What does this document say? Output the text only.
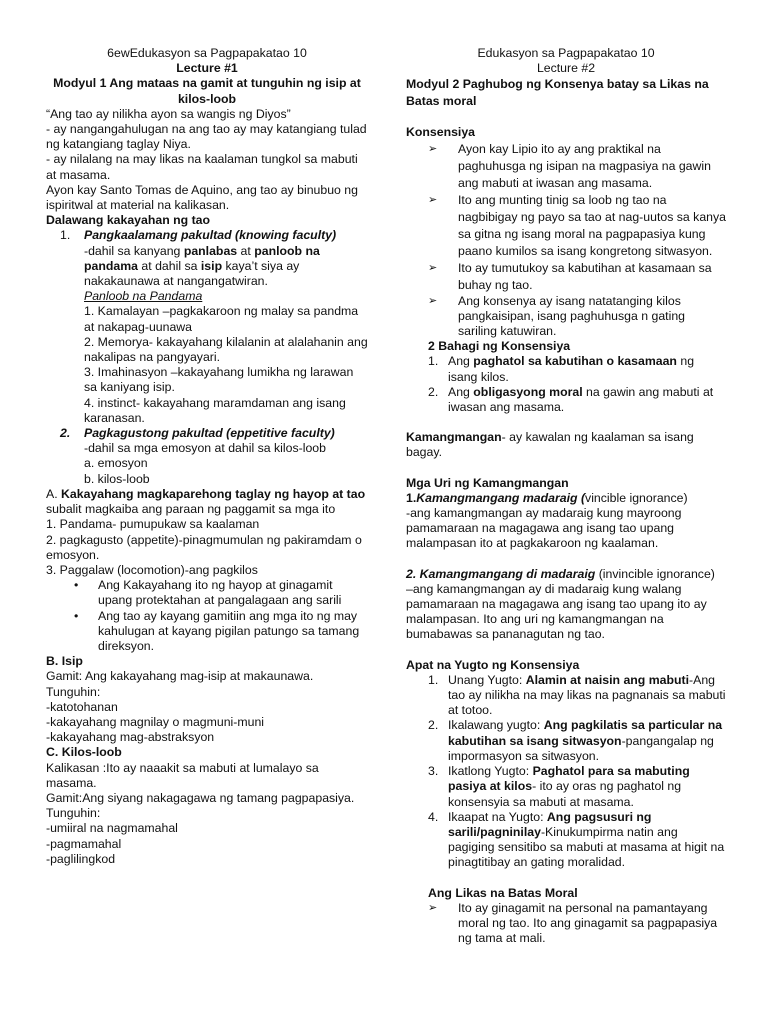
6ewEdukasyon sa Pagpapakatao 10

Lecture #1

Modyul 1 Ang mataas na gamit at tunguhin ng isip at kilos-loob

“Ang tao ay nilikha ayon sa wangis ng Diyos”

- ay nangangahulugan na ang tao ay may katangiang tulad ng katangiang taglay Niya.

- ay nilalang na may likas na kaalaman tungkol sa mabuti at masama.

Ayon kay Santo Tomas de Aquino, ang tao ay binubuo ng ispiritwal at material na kalikasan.

Dalawang kakayahan ng tao

1. Pangkaalamang pakultad (knowing faculty)

-dahil sa kanyang panlabas at panloob na pandama at dahil sa isip kaya’t siya ay nakakaunawa at nangangatwiran.

Panloob na Pandama

1. Kamalayan –pagkakaroon ng malay sa pandma at nakapag-uunawa

2. Memorya- kakayahang kilalanin at alalahanin ang nakalipas na pangyayari.

3. Imahinasyon –kakayahang lumikha ng larawan sa kaniyang isip.

4. instinct- kakayahang maramdaman ang isang karanasan.

2. Pagkagustong pakultad (eppetitive faculty)

-dahil sa mga emosyon at dahil sa kilos-loob

a. emosyon

b. kilos-loob

A. Kakayahang magkaparehong taglay ng hayop at tao subalit magkaiba ang paraan ng paggamit sa mga ito

1. Pandama- pumupukaw sa kaalaman

2. pagkagusto (appetite)-pinagmumulan ng pakiramdam o emosyon.

3. Paggalaw (locomotion)-ang pagkilos

• Ang Kakayahang ito ng hayop at ginagamit upang protektahan at pangalagaan ang sarili

• Ang tao ay kayang gamitiin ang mga ito ng may kahulugan at kayang pigilan patungo sa tamang direksyon.

B. Isip

Gamit: Ang kakayahang mag-isip at makaunawa.

Tunguhin:

-katotohanan

-kakayahang magnilay o magmuni-muni

-kakayahang mag-abstraksyon

C. Kilos-loob

Kalikasan :Ito ay naaakit sa mabuti at lumalayo sa masama.

Gamit:Ang siyang nakagagawa ng tamang pagpapasiya.

Tunguhin:

-umiiral na nagmamahal

-pagmamahal

-paglilingkod

Edukasyon sa Pagpapakatao 10

Lecture #2

Modyul 2 Paghubog ng Konsenya batay sa Likas na Batas moral

Konsensiya

➢ Ayon kay Lipio ito ay ang praktikal na paghuhusga ng isipan na magpasiya na gawin ang mabuti at iwasan ang masama.

➢ Ito ang munting tinig sa loob ng tao na nagbibigay ng payo sa tao at nag-uutos sa kanya sa gitna ng isang moral na pagpapasiya kung paano kumilos sa isang kongretong sitwasyon.

➢ Ito ay tumutukoy sa kabutihan at kasamaan sa buhay ng tao.

➢ Ang konsenya ay isang natatanging kilos pangkaisipan, isang paghuhusga n gating sariling katuwiran.

2 Bahagi ng Konsensiya

1. Ang paghatol sa kabutihan o kasamaan ng isang kilos.

2. Ang obligasyong moral na gawin ang mabuti at iwasan ang masama.

Kamangmangan- ay kawalan ng kaalaman sa isang bagay.

Mga Uri ng Kamangmangan

1.Kamangmangang madaraig (vincible ignorance)

-ang kamangmangan ay madaraig kung mayroong pamamaraan na magagawa ang isang tao upang malampasan ito at pagkakaroon ng kaalaman.

2. Kamangmangang di madaraig (invincible ignorance)

–ang kamangmangan ay di madaraig kung walang pamamaraan na magagawa ang isang tao upang ito ay malampasan. Ito ang uri ng kamangmangan na bumabawas sa pananagutan ng tao.

Apat na Yugto ng Konsensiya

1. Unang Yugto: Alamin at naisin ang mabuti-Ang tao ay nilikha na may likas na pagnanais sa mabuti at totoo.

2. Ikalawang yugto: Ang pagkilatis sa particular na kabutihan sa isang sitwasyon-pangangalap ng impormasyon sa sitwasyon.

3. Ikatlong Yugto: Paghatol para sa mabuting pasiya at kilos- ito ay oras ng paghatol ng konsensyia sa mabuti at masama.

4. Ikaapat na Yugto: Ang pagsusuri ng sarili/pagninilay-Kinukumpirma natin ang pagiging sensitibo sa mabuti at masama at higit na pinagtitibay an gating moralidad.

Ang Likas na Batas Moral

➢ Ito ay ginagamit na personal na pamantayang moral ng tao. Ito ang ginagamit sa pagpapasiya ng tama at mali.
